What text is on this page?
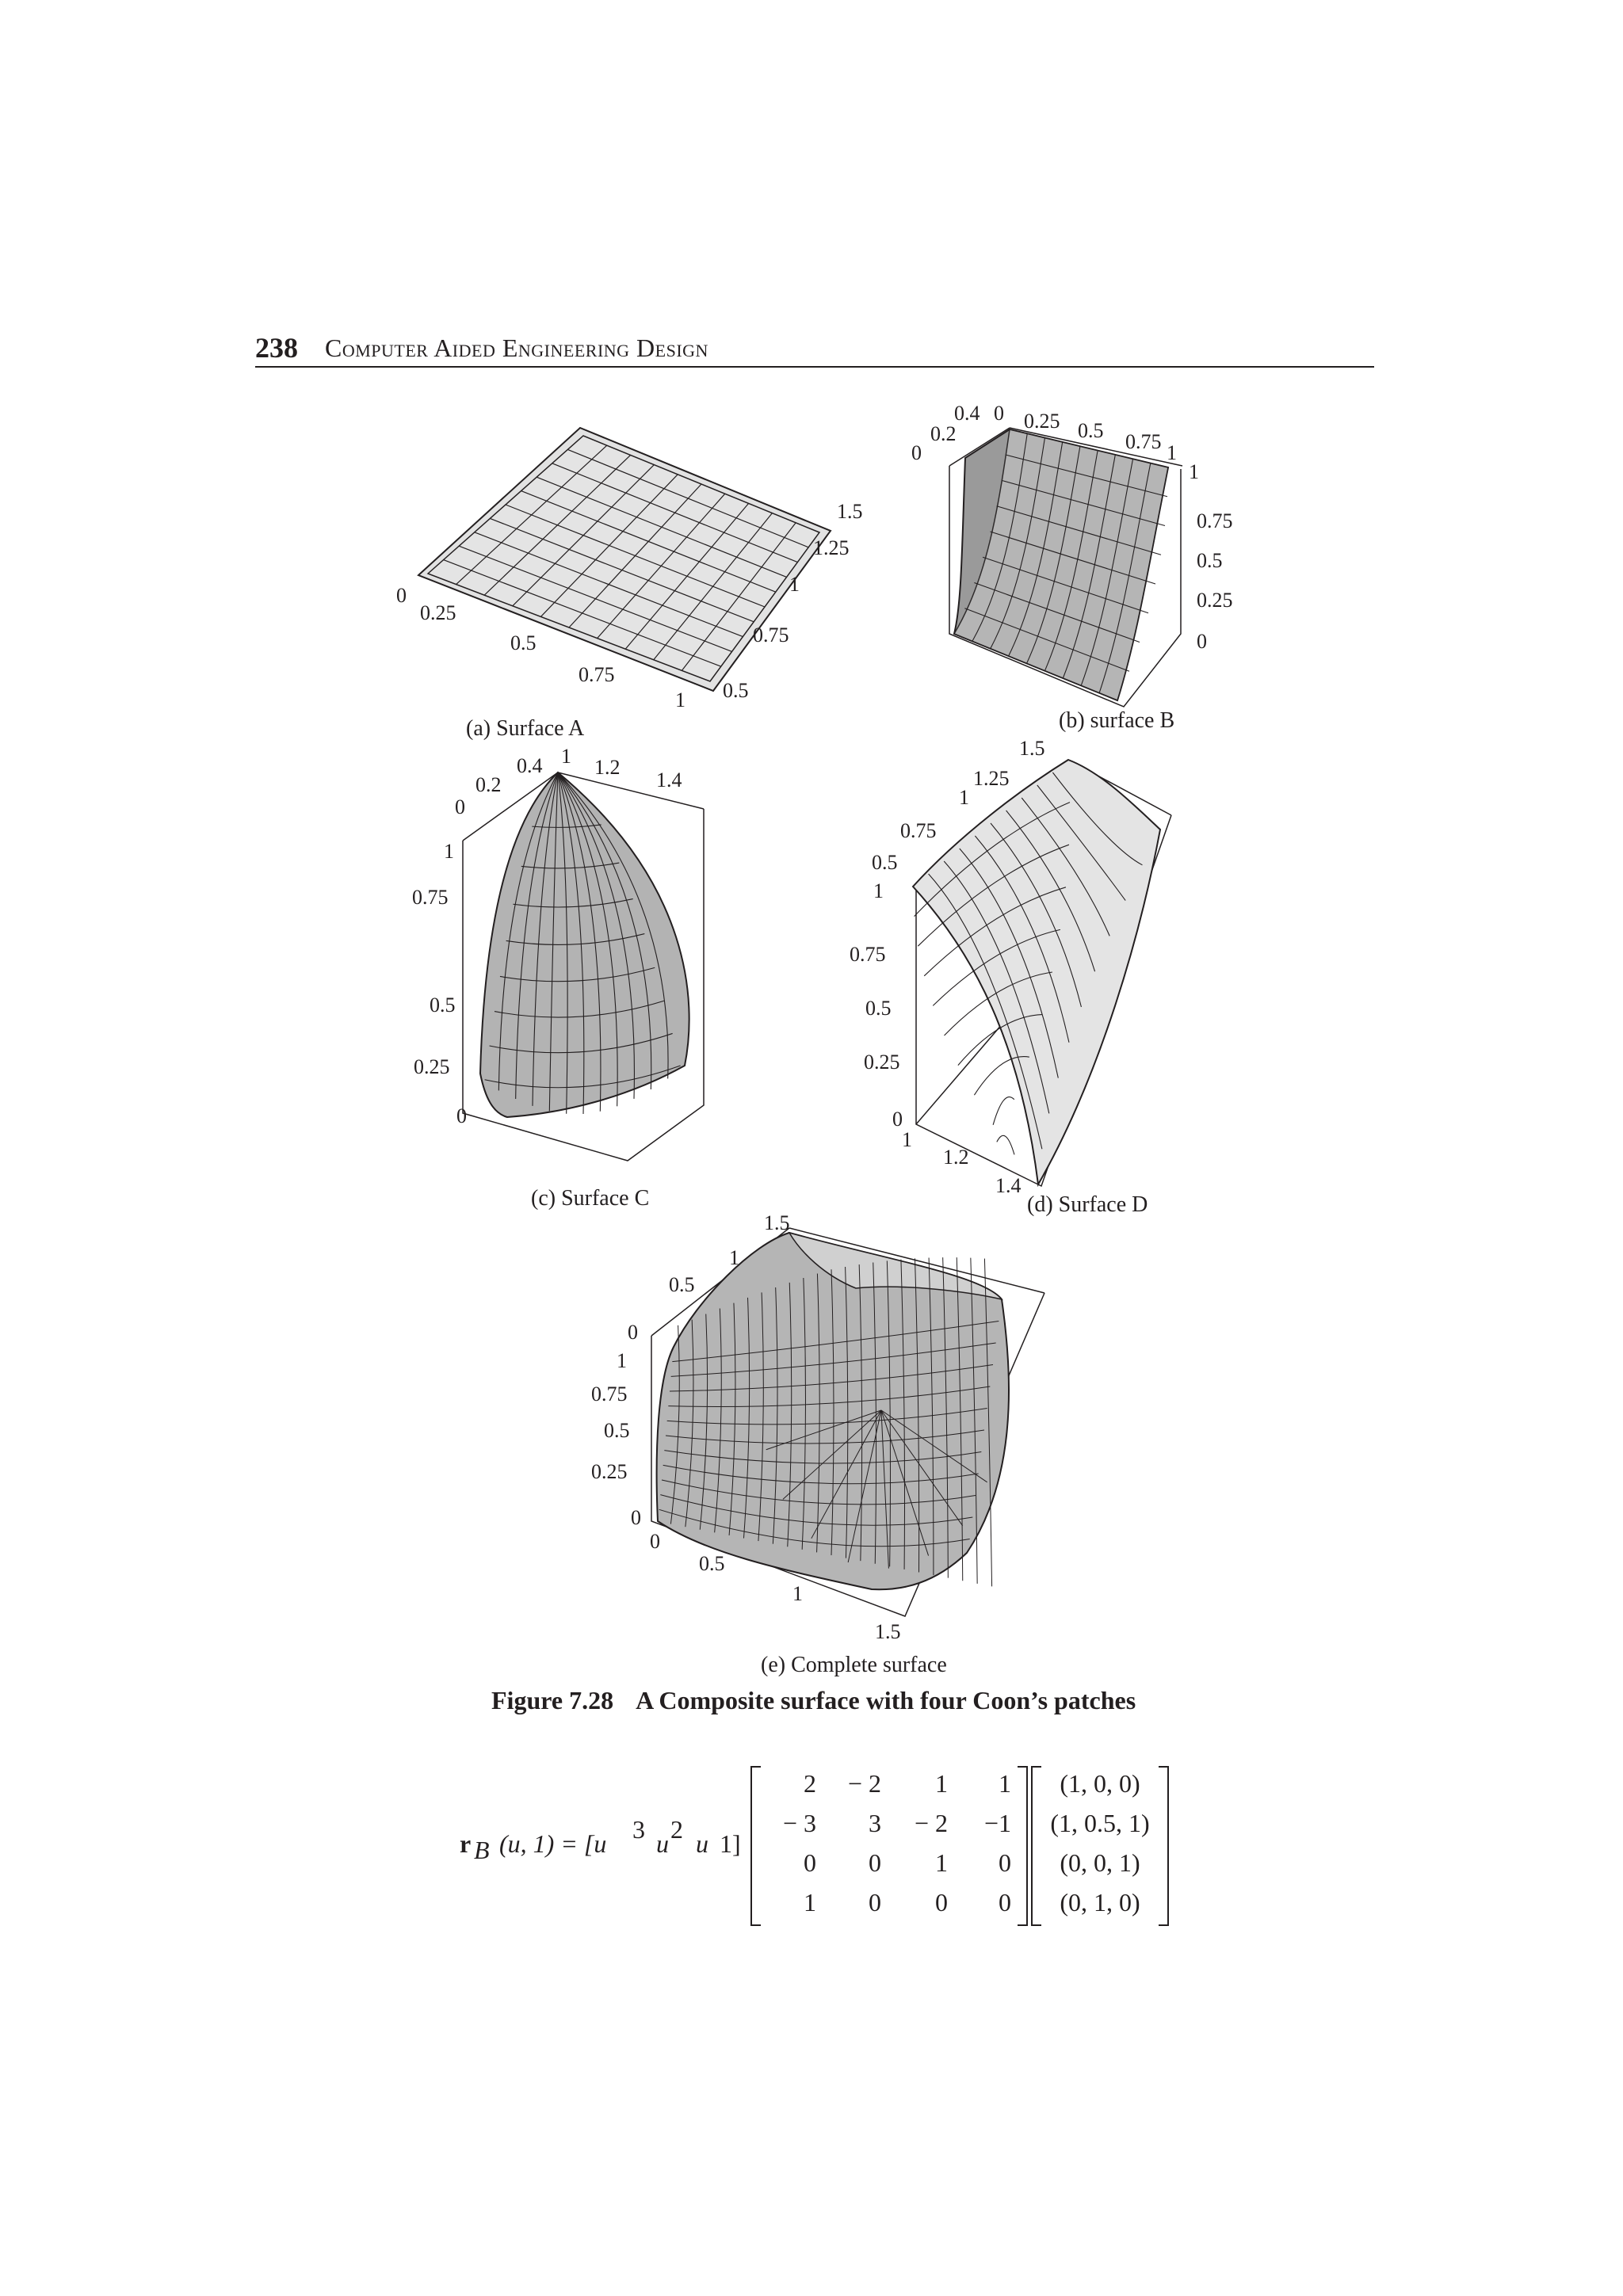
238 Computer Aided Engineering Design
0
0.25
0.5
0.75
1 0.5
0.75
1
1.25
1.5
(a) Surface A
0
0.2
0.4 0 0.25 0.5 0.75 1
1
0.75
0.5
0.25
0
(b) surface B
0
0.2
0.4 1 1.2
1.4
1
0.75
0.5
0.25
0
(c) Surface C
0.5
0.75
1
1.25
1.5
1
0.75
0.5
0.25
0
1
1.2
1.4
(d) Surface D
0
0.5
1
1.5
1
0.75
0.5
0.25
0
0
0.5
1
1.5
(e) Complete surface
Figure 7.28 A Composite surface with four Coon’s patches
r B (u, 1) = [u 3 u 2 u 1]
2 − 2 1 1
− 3 3 − 2 −1
0 0 1 0
1 0 0 0
(1, 0, 0)
(1, 0.5, 1)
(0, 0, 1)
(0, 1, 0)
